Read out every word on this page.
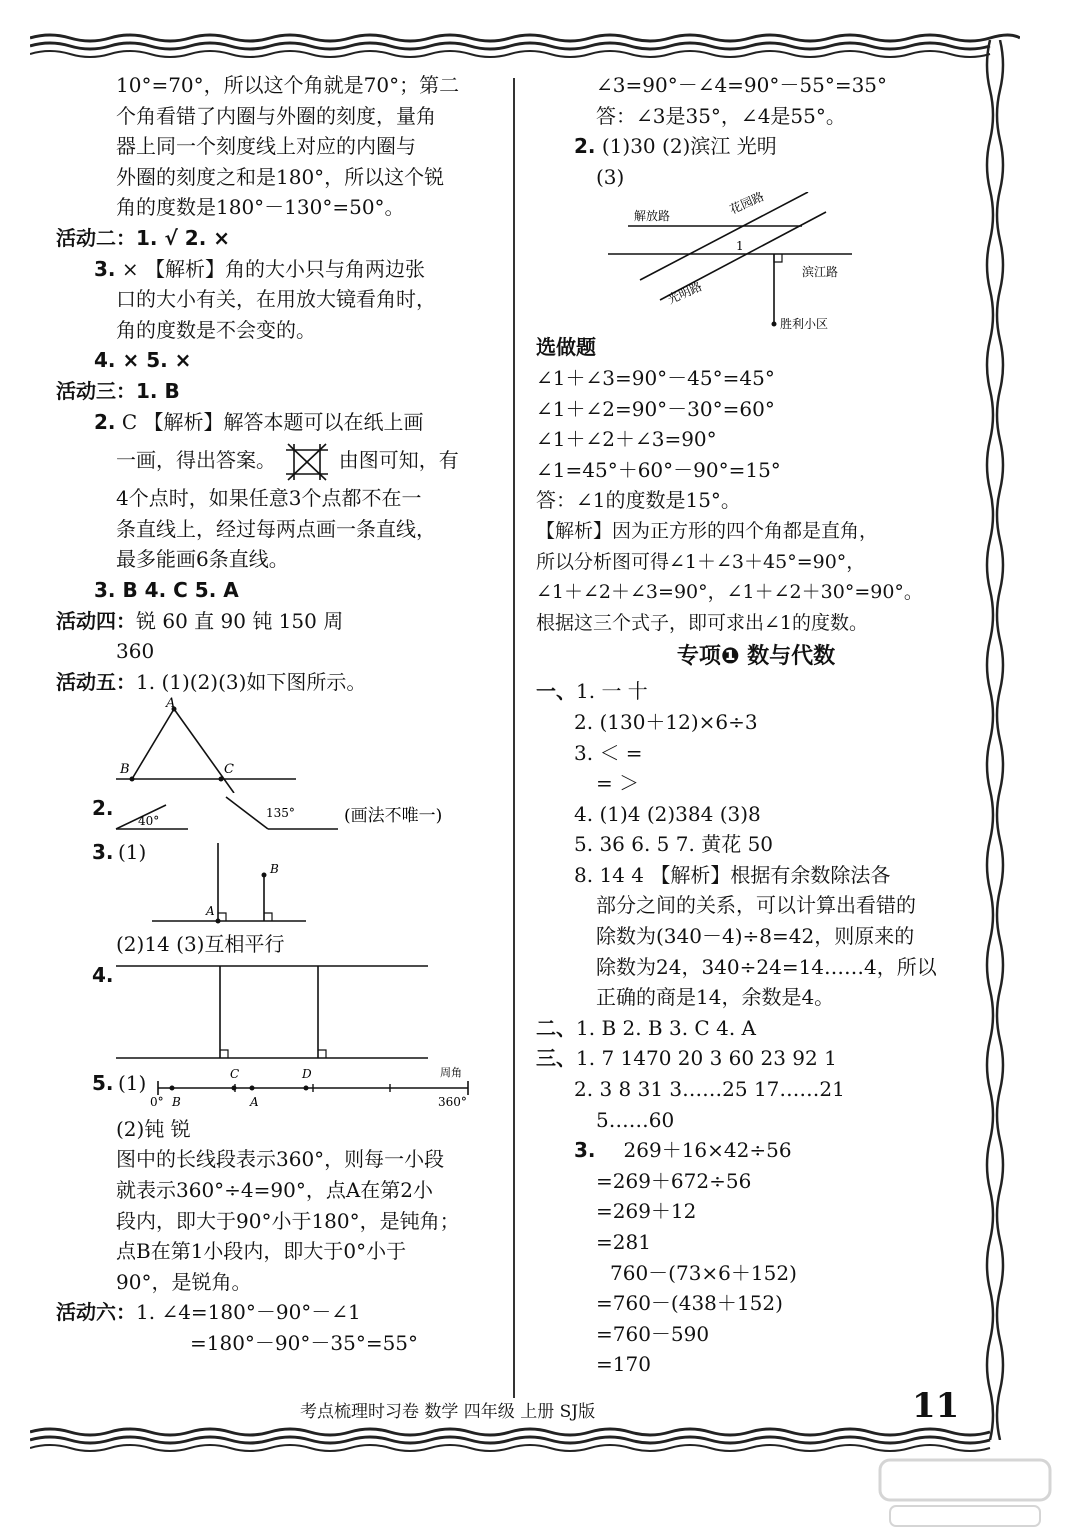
10°=70°，所以这个角就是70°；第二
个角看错了内圈与外圈的刻度，量角
器上同一个刻度线上对应的内圈与
外圈的刻度之和是180°，所以这个锐
角的度数是180°－130°=50°。
活动二：1. √ 2. ×
3. × 【解析】角的大小只与角两边张
口的大小有关，在用放大镜看角时，
角的度数是不会变的。
4. × 5. ×
活动三：1. B
2. C 【解析】解答本题可以在纸上画
一画，得出答案。	由图可知，有
4个点时，如果任意3个点都不在一
条直线上，经过每两点画一条直线，
最多能画6条直线。
3. B 4. C 5. A
活动四：锐 60 直 90 钝 150 周
360
活动五：1. (1)(2)(3)如下图所示。
A
B	C
2.
40°
135°	(画法不唯一)
3. (1)
A
B
(2)14 (3)互相平行
4.
5. (1)	C	D
B	A
0°	360°
周角
(2)钝 锐
图中的长线段表示360°，则每一小段
就表示360°÷4=90°，点A在第2小
段内，即大于90°小于180°，是钝角；
点B在第1小段内，即大于0°小于
90°，是锐角。
活动六：1. ∠4=180°－90°－∠1
=180°－90°－35°=55°
∠3=90°－∠4=90°－55°=35°
答：∠3是35°，∠4是55°。
2. (1)30 (2)滨江 光明
(3)
解放路	花园路
滨江路
光明路
胜利小区
1
选做题
∠1＋∠3=90°－45°=45°
∠1＋∠2=90°－30°=60°
∠1＋∠2＋∠3=90°
∠1=45°＋60°－90°=15°
答：∠1的度数是15°。
【解析】因为正方形的四个角都是直角，
所以分析图可得∠1＋∠3＋45°=90°，
∠1＋∠2＋∠3=90°，∠1＋∠2＋30°=90°。
根据这三个式子，即可求出∠1的度数。
专项❶ 数与代数
一、1. 一 十
2. (130＋12)×6÷3
3. ＜ =
= ＞
4. (1)4 (2)384 (3)8
5. 36 6. 5 7. 黄花 50
8. 14 4 【解析】根据有余数除法各
部分之间的关系，可以计算出看错的
除数为(340－4)÷8=42，则原来的
除数为24，340÷24=14……4，所以
正确的商是14，余数是4。
二、1. B 2. B 3. C 4. A
三、1. 7 1470 20 3 60 23 92 1
2. 3 8 31 3……25 17……21
5……60
3. 269＋16×42÷56
=269＋672÷56
=269＋12
=281
760－(73×6＋152)
=760－(438＋152)
=760－590
=170
考点梳理时习卷 数学 四年级 上册 SJ版	11
